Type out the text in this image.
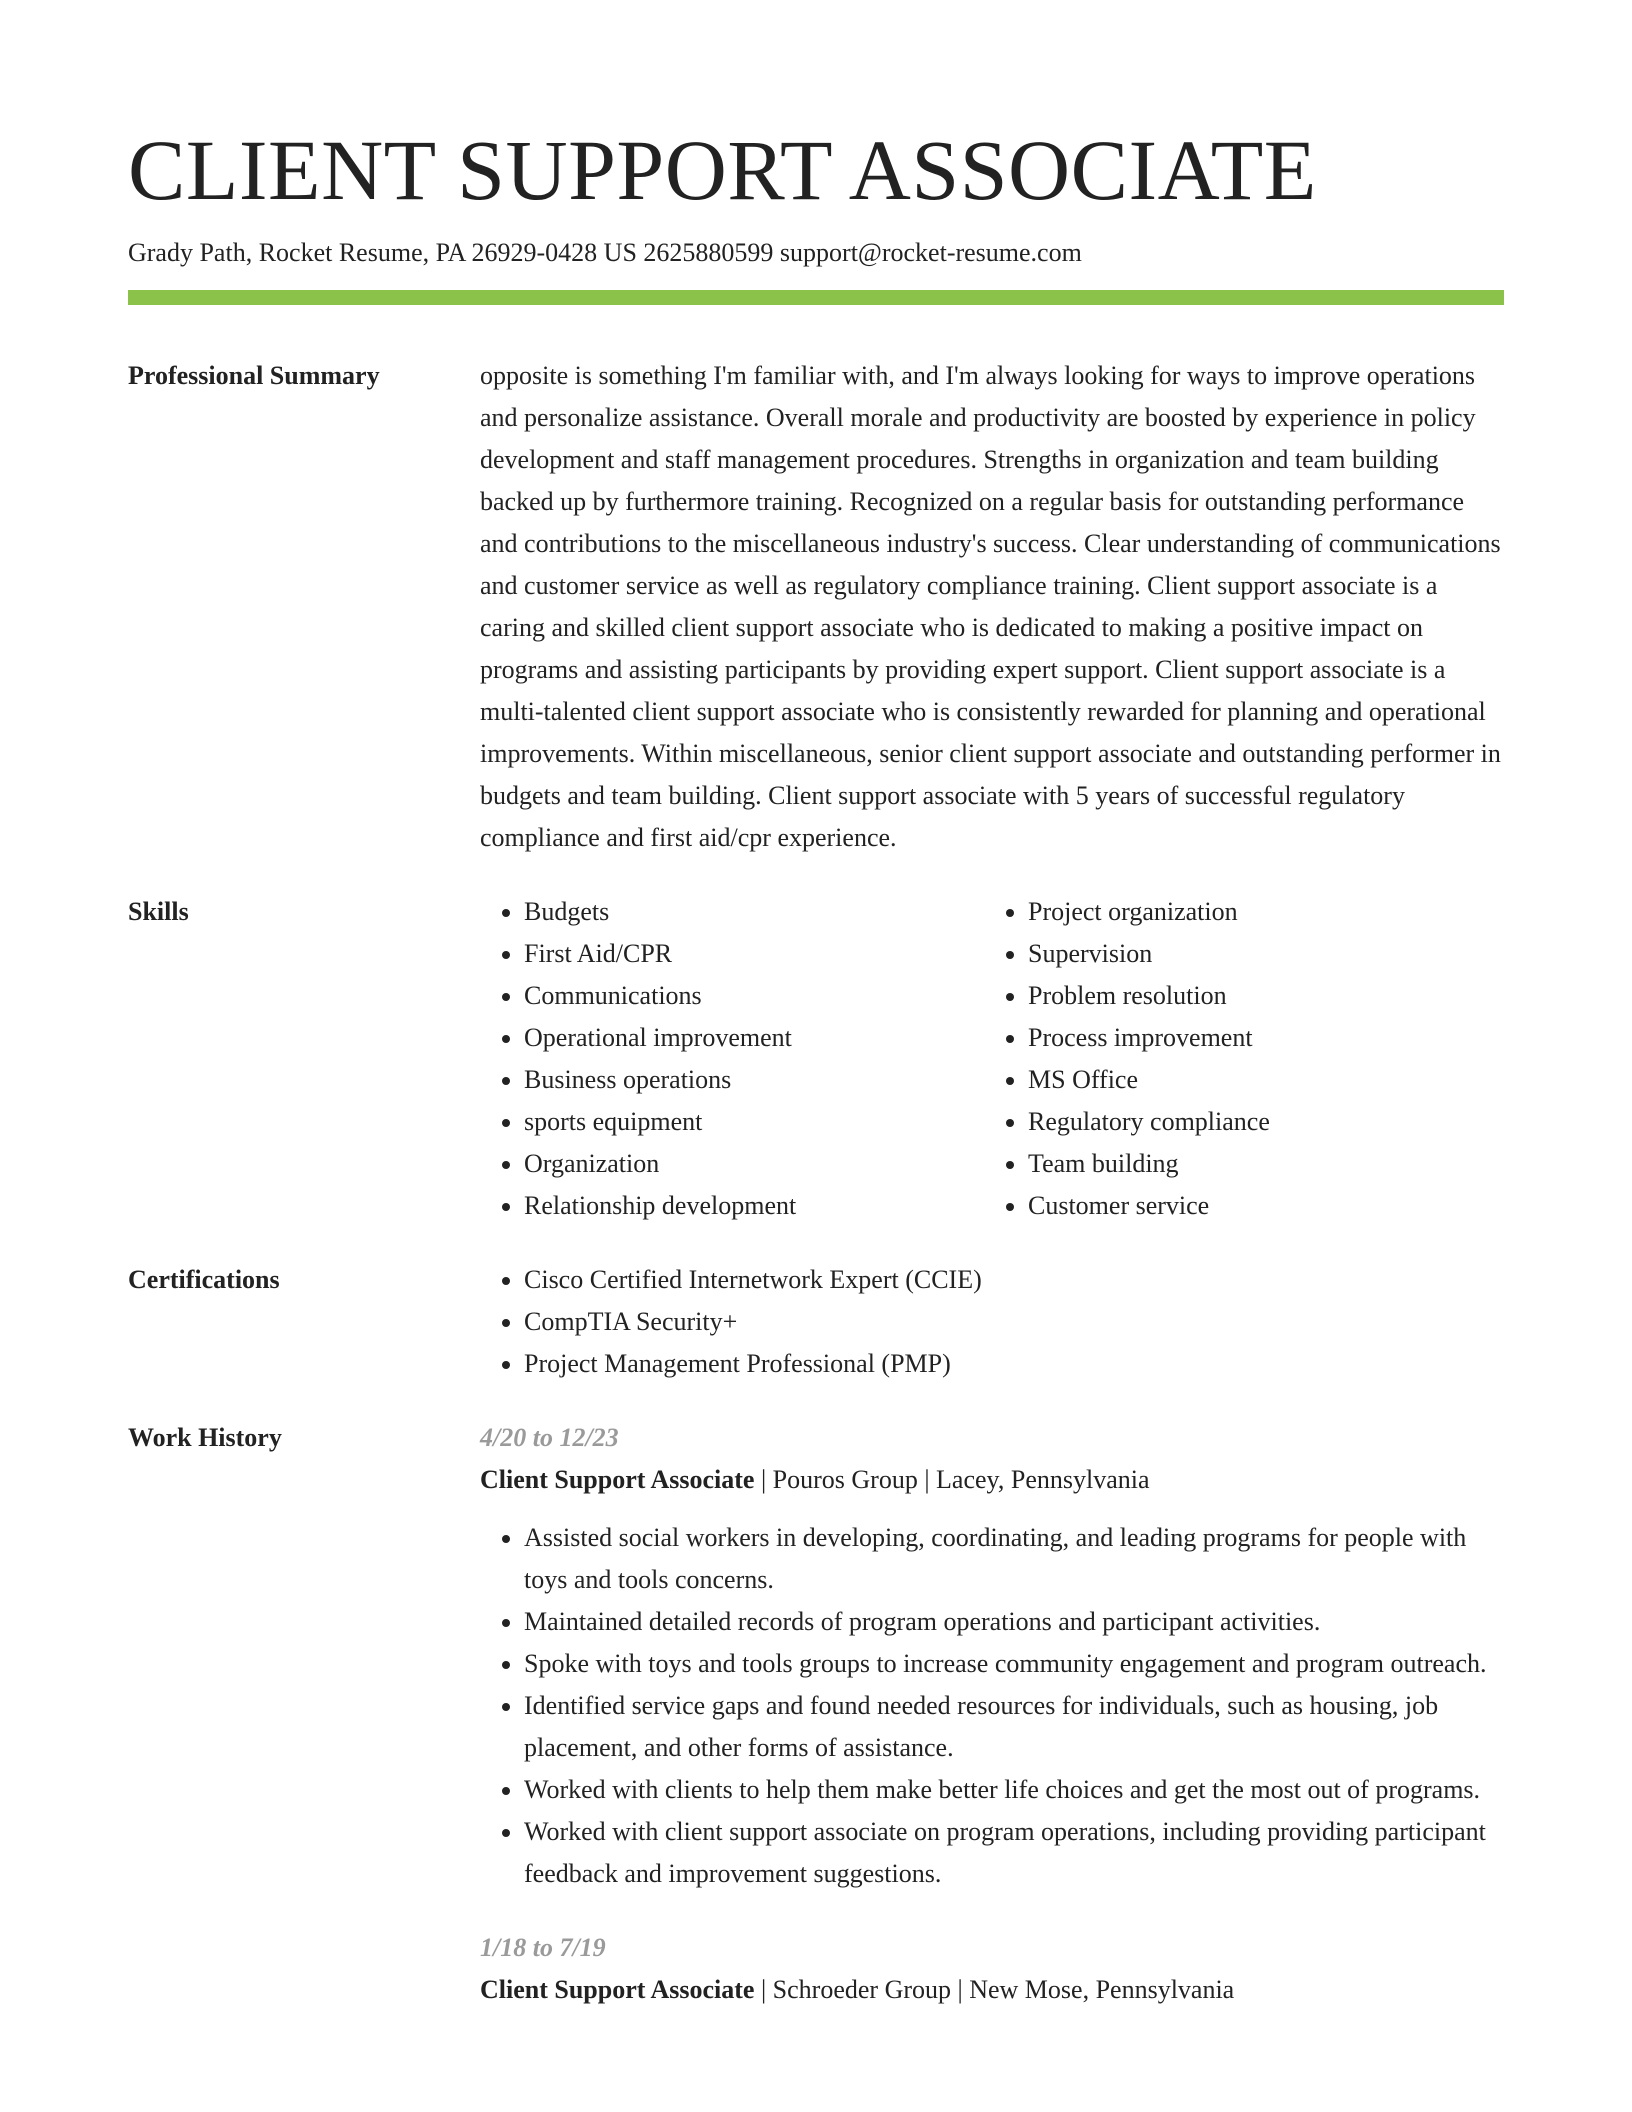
CLIENT SUPPORT ASSOCIATE
Grady Path, Rocket Resume, PA 26929-0428 US 2625880599 support@rocket-resume.com
Professional Summary	opposite is something I'm familiar with, and I'm always looking for ways to improve operations and personalize assistance. Overall morale and productivity are boosted by experience in policy development and staff management procedures. Strengths in organization and team building backed up by furthermore training. Recognized on a regular basis for outstanding performance and contributions to the miscellaneous industry's success. Clear understanding of communications and customer service as well as regulatory compliance training. Client support associate is a caring and skilled client support associate who is dedicated to making a positive impact on programs and assisting participants by providing expert support. Client support associate is a multi-talented client support associate who is consistently rewarded for planning and operational improvements. Within miscellaneous, senior client support associate and outstanding performer in budgets and team building. Client support associate with 5 years of successful regulatory compliance and first aid/cpr experience.

Skills	• Budgets
• First Aid/CPR
• Communications
• Operational improvement
• Business operations
• sports equipment
• Organization
• Relationship development
• Project organization
• Supervision
• Problem resolution
• Process improvement
• MS Office
• Regulatory compliance
• Team building
• Customer service
Certifications	• Cisco Certified Internetwork Expert (CCIE)
• CompTIA Security+
• Project Management Professional (PMP)
Work History	4/20 to 12/23
Client Support Associate | Pouros Group | Lacey, Pennsylvania
• Assisted social workers in developing, coordinating, and leading programs for people with toys and tools concerns.
• Maintained detailed records of program operations and participant activities.
• Spoke with toys and tools groups to increase community engagement and program outreach.
• Identified service gaps and found needed resources for individuals, such as housing, job placement, and other forms of assistance.
• Worked with clients to help them make better life choices and get the most out of programs.
• Worked with client support associate on program operations, including providing participant feedback and improvement suggestions.
1/18 to 7/19
Client Support Associate | Schroeder Group | New Mose, Pennsylvania
